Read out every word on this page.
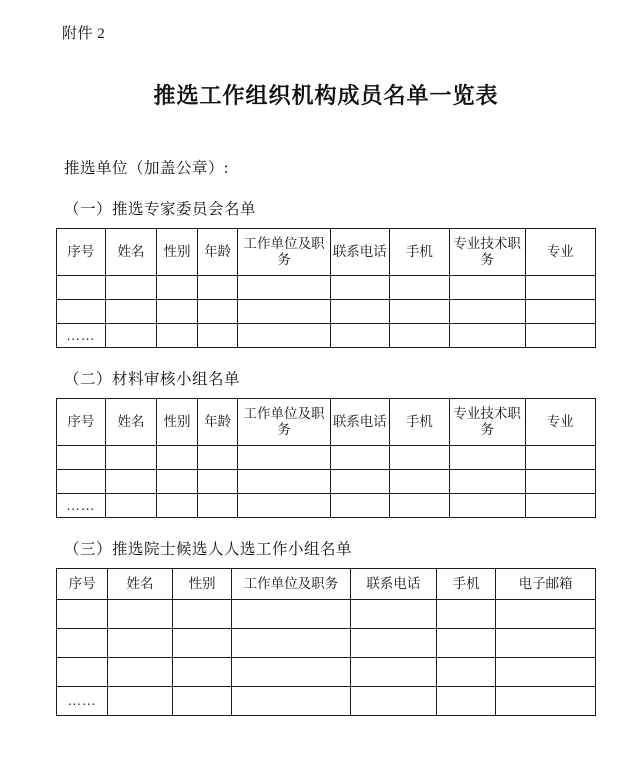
附件 2
推选工作组织机构成员名单一览表
推选单位（加盖公章）:
（一）推选专家委员会名单
序号	姓名	性别	年龄	工作单位及职务	联系电话	手机	专业技术职务	专业

……								
（二）材料审核小组名单
序号	姓名	性别	年龄	工作单位及职务	联系电话	手机	专业技术职务	专业

……								
（三）推选院士候选人人选工作小组名单
序号	姓名	性别	工作单位及职务	联系电话	手机	电子邮箱

……						
